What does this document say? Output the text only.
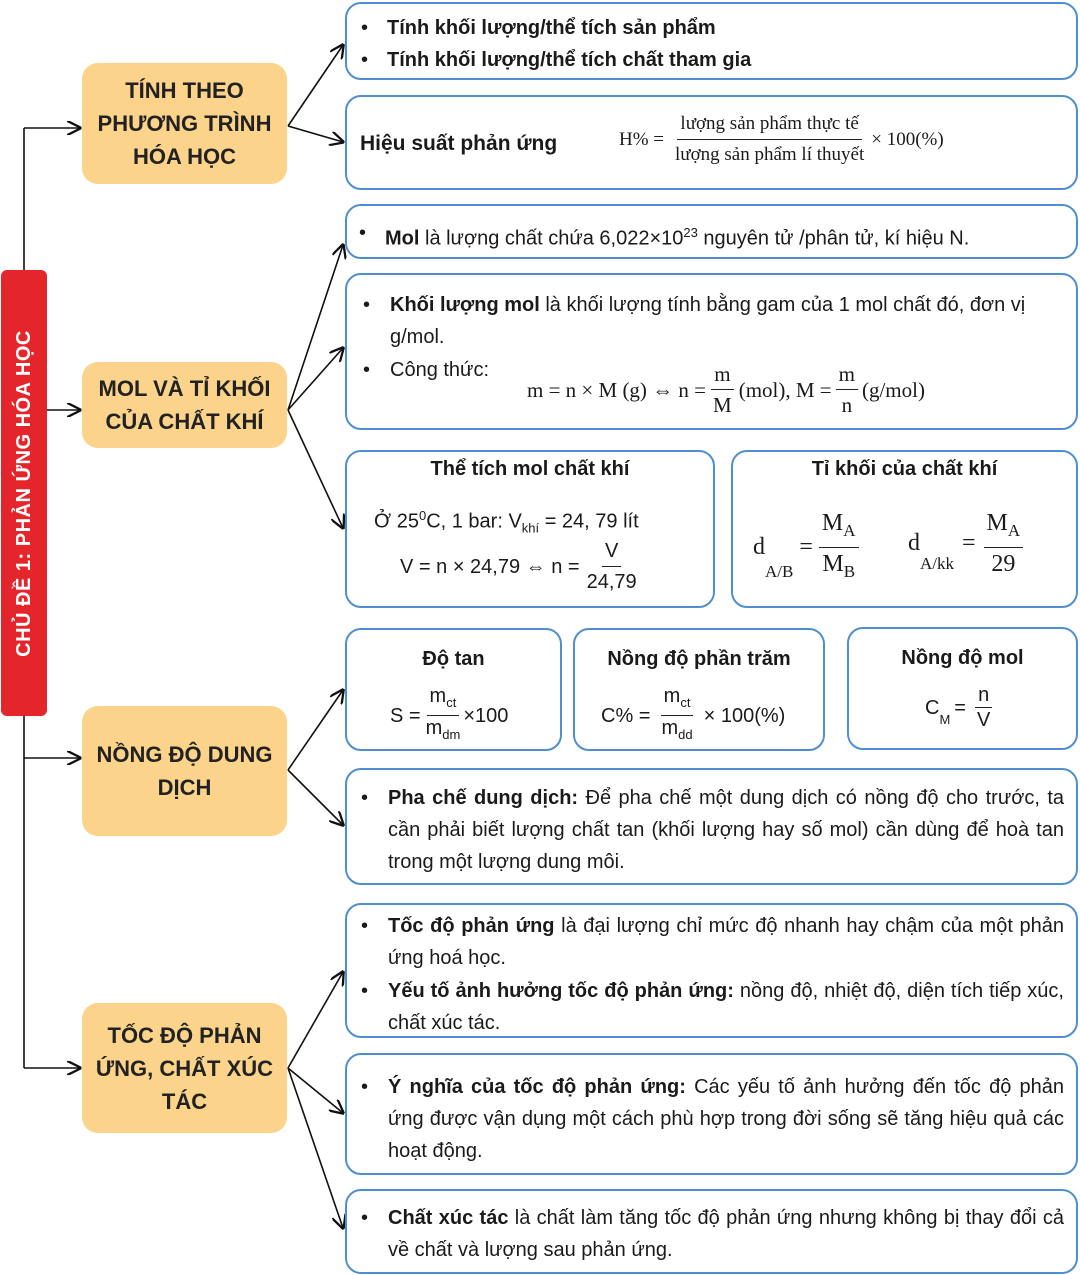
CHỦ ĐỀ 1: PHẢN ỨNG HÓA HỌC
TÍNH THEO PHƯƠNG TRÌNH HÓA HỌC
MOL VÀ TỈ KHỐI CỦA CHẤT KHÍ
NỒNG ĐỘ DUNG DỊCH
TỐC ĐỘ PHẢN ỨNG, CHẤT XÚC TÁC
• Tính khối lượng/thể tích sản phẩm
• Tính khối lượng/thể tích chất tham gia
Hiệu suất phản ứng	$H\% = \frac{\text{lượng sản phẩm thực tế}}{\text{lượng sản phẩm lí thuyết}} \times 100(\%)$
• Mol là lượng chất chứa $6,022\times 10^{23}$ nguyên tử /phân tử, kí hiệu N.
• Khối lượng mol là khối lượng tính bằng gam của 1 mol chất đó, đơn vị g/mol.
• Công thức:
m = n × M (g) ⇔ $n = \frac{m}{M} (mol)$, $M = \frac{m}{n} (g/mol)$
Thể tích mol chất khí
Ở $25^0C$, 1 bar: $V_{khí} = 24$, 79 lít
V = n × 24,79 ⇔ $n = \frac{V}{24,79}$
Tỉ khối của chất khí
d
$_{A/B}$
= $\frac{M_A}{M_B}$ d
$_{A/kk}$
= $\frac{M_A}{29}$
Độ tan
$S = \frac{m_{ct}}{m_{dm}} \times 100$
Nồng độ phần trăm
$C\% = \frac{m_{ct}}{m_{dd}} \times 100(\%)$
Nồng độ mol
C
$_M$
= $\frac{n}{V}$
• Pha chế dung dịch: Để pha chế một dung dịch có nồng độ cho trước, ta cần phải biết lượng chất tan (khối lượng hay số mol) cần dùng để hoà tan trong một lượng dung môi.
• Tốc độ phản ứng là đại lượng chỉ mức độ nhanh hay chậm của một phản ứng hoá học.
• Yếu tố ảnh hưởng tốc độ phản ứng: nồng độ, nhiệt độ, diện tích tiếp xúc, chất xúc tác.
• Ý nghĩa của tốc độ phản ứng: Các yếu tố ảnh hưởng đến tốc độ phản ứng được vận dụng một cách phù hợp trong đời sống sẽ tăng hiệu quả các hoạt động.
• Chất xúc tác là chất làm tăng tốc độ phản ứng nhưng không bị thay đổi cả về chất và lượng sau phản ứng.
